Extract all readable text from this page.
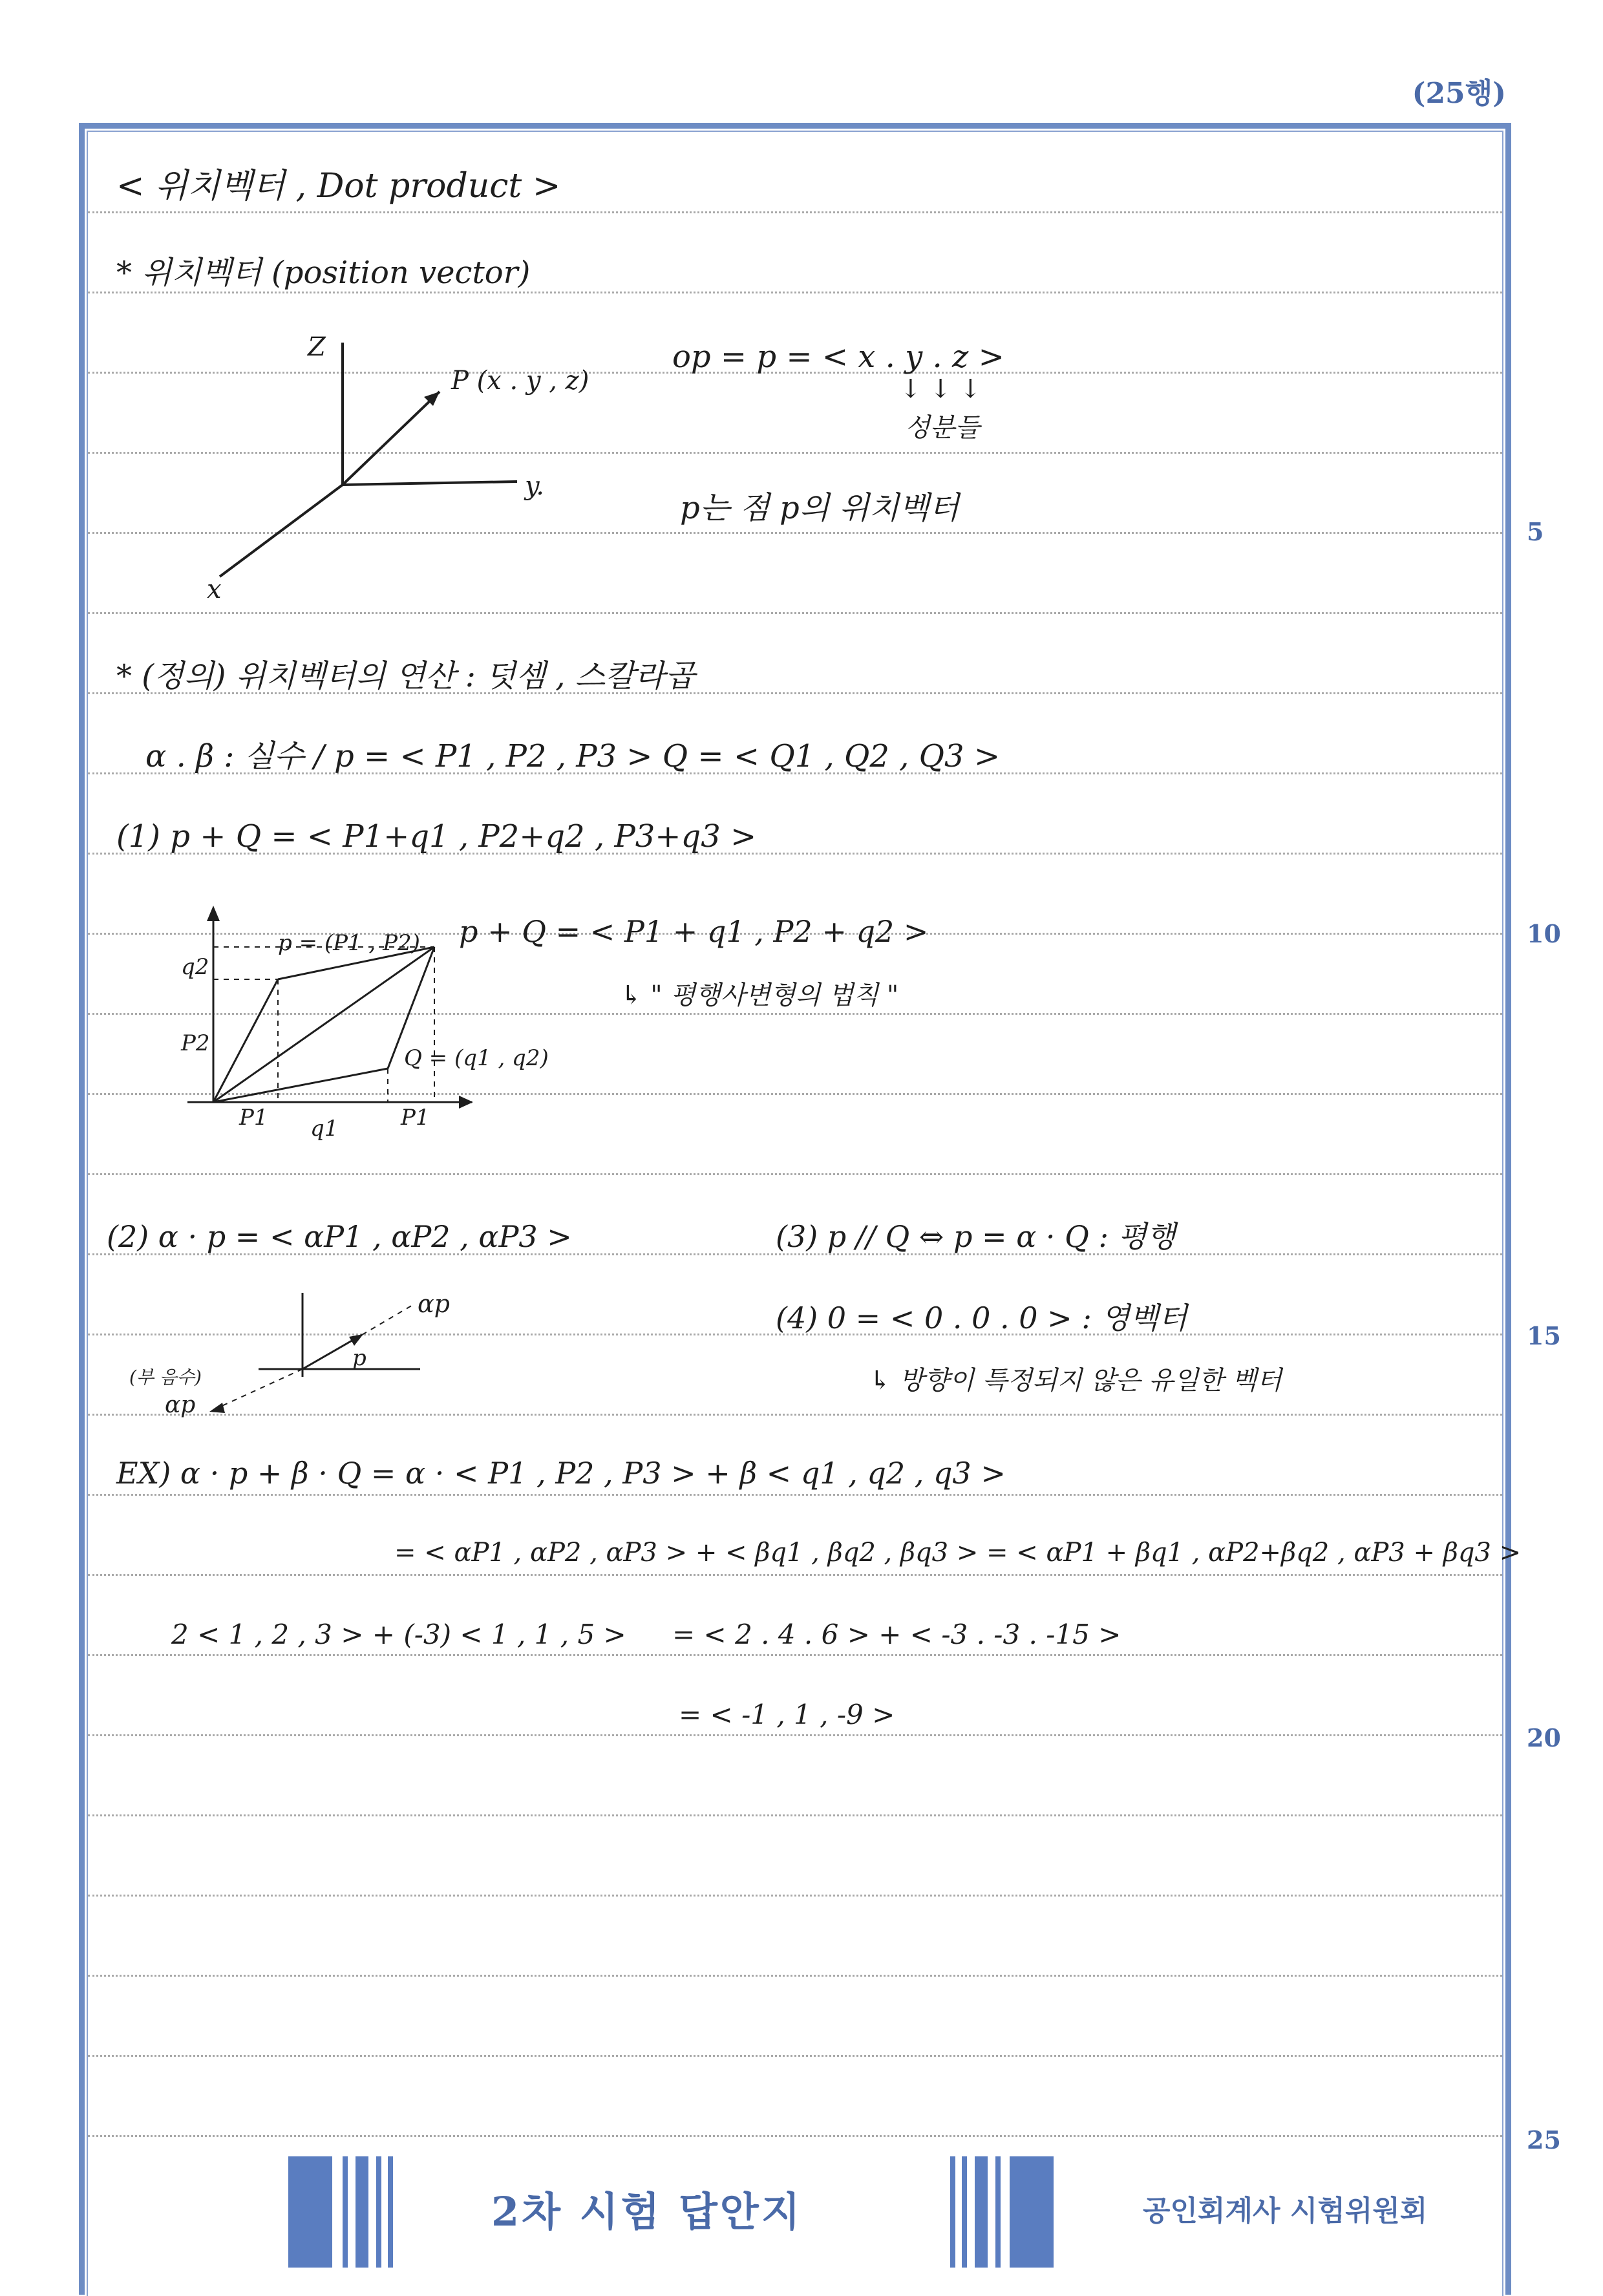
(25행)
5
10
15
20
25
< 위치벡터 , Dot product >
* 위치벡터 (position vector)
Z
y.
x
P (x . y , z)
op = p = < x . y . z >
↓ ↓ ↓
성분들
p는 점 p의 위치벡터
* (정의) 위치벡터의 연산 : 덧셈 , 스칼라곱
α . β : 실수 / p = < P1 , P2 , P3 > Q = < Q1 , Q2 , Q3 >
(1) p + Q = < P1+q1 , P2+q2 , P3+q3 >
p = (P1 , P2)
q2
P2
P1 q1	P1
Q = (q1 , q2)
p + Q = < P1 + q1 , P2 + q2 >
↳ " 평행사변형의 법칙 "
(2) α · p = < αP1 , αP2 , αP3 >	(3) p // Q ⇔ p = α · Q : 평행
(4) 0 = < 0 . 0 . 0 > : 영벡터
↳ 방향이 특정되지 않은 유일한 벡터
αp
p
(부 음수)
αp
EX) α · p + β · Q = α · < P1 , P2 , P3 > + β < q1 , q2 , q3 >
= < αP1 , αP2 , αP3 > + < βq1 , βq2 , βq3 > = < αP1 + βq1 , αP2+βq2 , αP3 + βq3 >
2 < 1 , 2 , 3 > + (-3) < 1 , 1 , 5 > = < 2 . 4 . 6 > + < -3 . -3 . -15 >
= < -1 , 1 , -9 >
2차 시험 답안지	공인회계사 시험위원회
